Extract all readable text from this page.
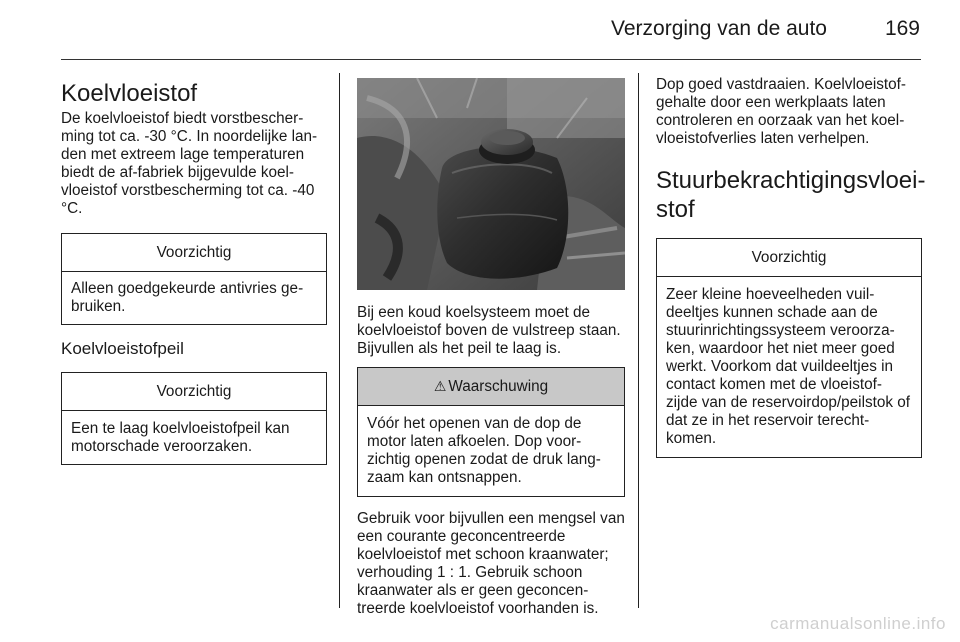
Verzorging van de auto	169
Koelvloeistof
De koelvloeistof biedt vorstbescher-ming tot ca. -30 °C. In noordelijke lan-den met extreem lage temperaturen biedt de af-fabriek bijgevulde koel-vloeistof vorstbescherming tot ca. -40 °C.
Voorzichtig
Alleen goedgekeurde antivries ge-bruiken.
Koelvloeistofpeil
Voorzichtig
Een te laag koelvloeistofpeil kan motorschade veroorzaken.
Bij een koud koelsysteem moet de koelvloeistof boven de vulstreep staan. Bijvullen als het peil te laag is.
⚠ Waarschuwing
Vóór het openen van de dop de motor laten afkoelen. Dop voor-zichtig openen zodat de druk lang-zaam kan ontsnappen.
Gebruik voor bijvullen een mengsel van een courante geconcentreerde koelvloeistof met schoon kraanwater; verhouding 1 : 1. Gebruik schoon kraanwater als er geen geconcen-treerde koelvloeistof voorhanden is.
Dop goed vastdraaien. Koelvloeistof-gehalte door een werkplaats laten controleren en oorzaak van het koel-vloeistofverlies laten verhelpen.
Stuurbekrachtigingsvloei-stof
Voorzichtig
Zeer kleine hoeveelheden vuil-deeltjes kunnen schade aan de stuurinrichtingssysteem veroorza-ken, waardoor het niet meer goed werkt. Voorkom dat vuildeeltjes in contact komen met de vloeistof-zijde van de reservoirdop/peilstok of dat ze in het reservoir terecht-komen.
carmanualsonline.info
